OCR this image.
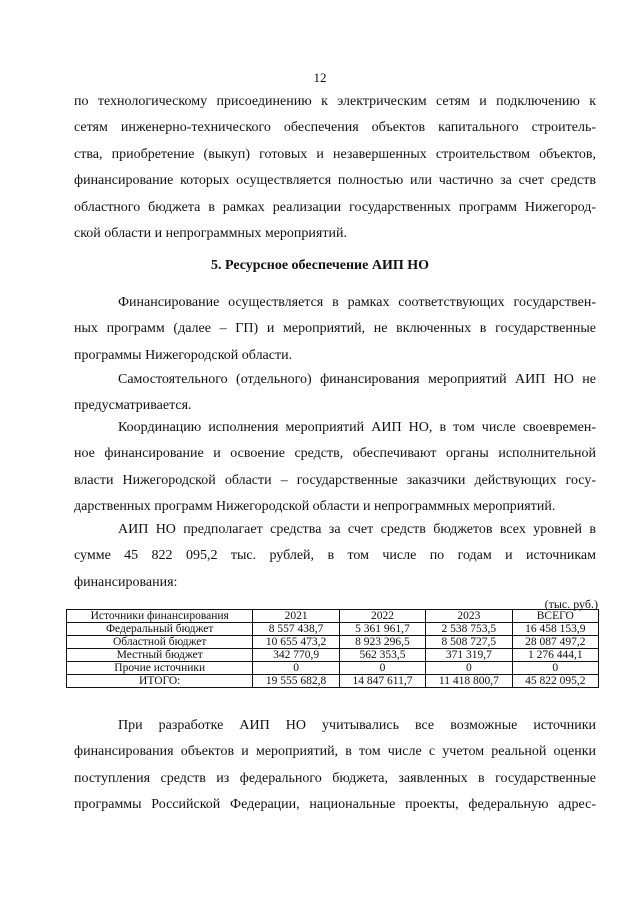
12
по технологическому присоединению к электрическим сетям и подключению к
сетям инженерно-технического обеспечения объектов капитального строитель-
ства, приобретение (выкуп) готовых и незавершенных строительством объектов,
финансирование которых осуществляется полностью или частично за счет средств
областного бюджета в рамках реализации государственных программ Нижегород-
ской области и непрограммных мероприятий.
5. Ресурсное обеспечение АИП НО
Финансирование осуществляется в рамках соответствующих государствен-
ных программ (далее – ГП) и мероприятий, не включенных в государственные
программы Нижегородской области.
Самостоятельного (отдельного) финансирования мероприятий АИП НО не
предусматривается.
Координацию исполнения мероприятий АИП НО, в том числе своевремен-
ное финансирование и освоение средств, обеспечивают органы исполнительной
власти Нижегородской области – государственные заказчики действующих госу-
дарственных программ Нижегородской области и непрограммных мероприятий.
АИП НО предполагает средства за счет средств бюджетов всех уровней в
сумме 45 822 095,2 тыс. рублей, в том числе по годам и источникам
финансирования:
(тыс. руб.)
Источники финансирования	2021	2022	2023	ВСЕГО
Федеральный бюджет	8 557 438,7	5 361 961,7	2 538 753,5	16 458 153,9
Областной бюджет	10 655 473,2	8 923 296,5	8 508 727,5	28 087 497,2
Местный бюджет	342 770,9	562 353,5	371 319,7	1 276 444,1
Прочие источники	0	0	0	0
ИТОГО:	19 555 682,8	14 847 611,7	11 418 800,7	45 822 095,2
При разработке АИП НО учитывались все возможные источники
финансирования объектов и мероприятий, в том числе с учетом реальной оценки
поступления средств из федерального бюджета, заявленных в государственные
программы Российской Федерации, национальные проекты, федеральную адрес-
